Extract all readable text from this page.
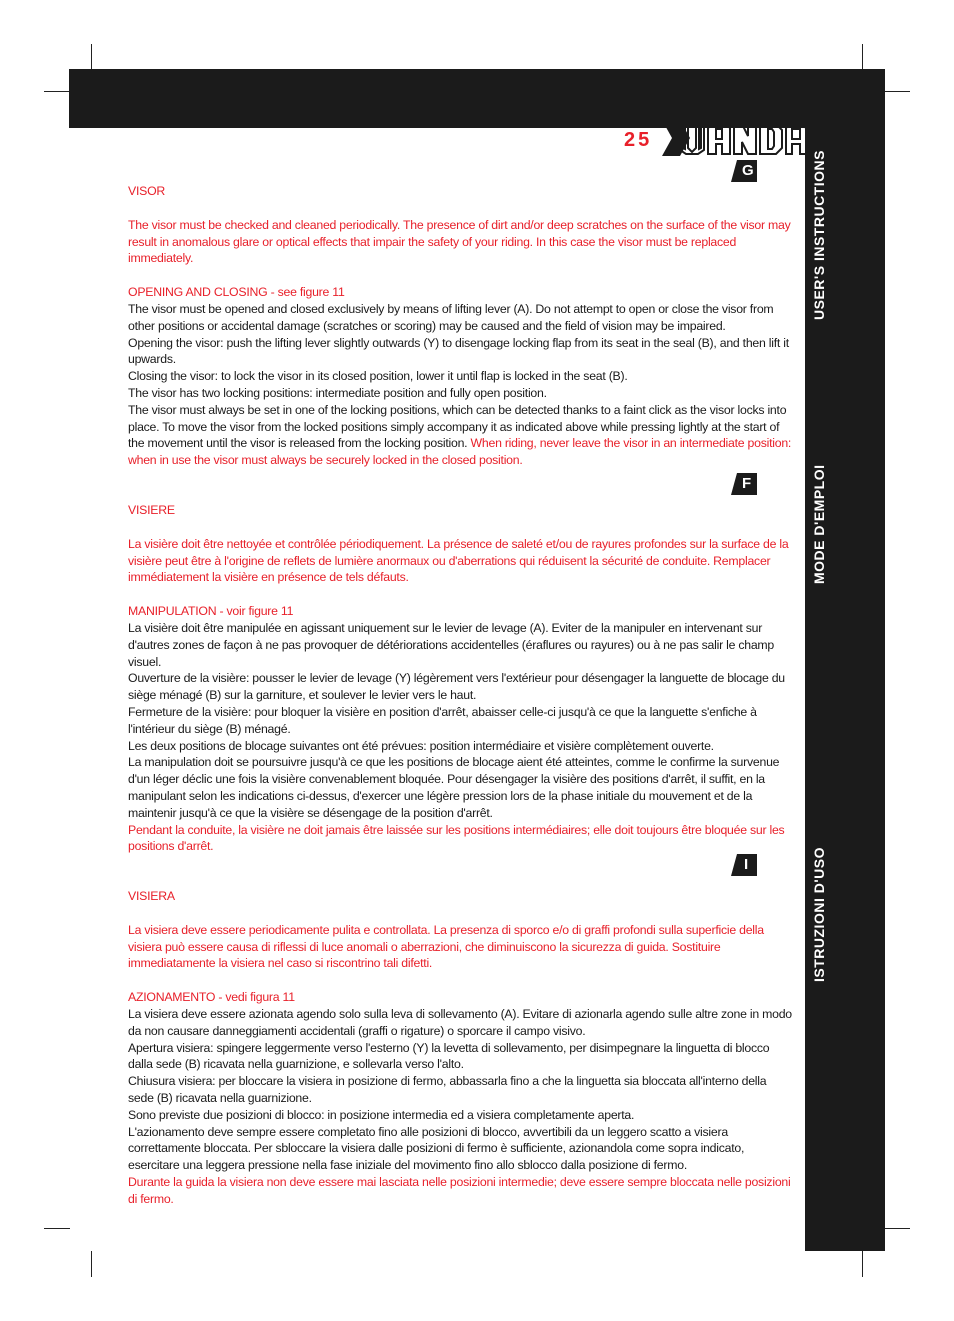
25
G
F
I
USER'S INSTRUCTIONS
MODE D'EMPLOI
ISTRUZIONI D'USO

VISOR

The visor must be checked and cleaned periodically. The presence of dirt and/or deep scratches on the surface of the visor may result in anomalous glare or optical effects that impair the safety of your riding. In this case the visor must be replaced immediately.

OPENING AND CLOSING - see figure 11

The visor must be opened and closed exclusively by means of lifting lever (A). Do not attempt to open or close the visor from other positions or accidental damage (scratches or scoring) may be caused and the field of vision may be impaired.

Opening the visor: push the lifting lever slightly outwards (Y) to disengage locking flap from its seat in the seal (B), and then lift it upwards.

Closing the visor: to lock the visor in its closed position, lower it until flap is locked in the seat (B).

The visor has two locking positions: intermediate position and fully open position.

The visor must always be set in one of the locking positions, which can be detected thanks to a faint click as the visor locks into place. To move the visor from the locked positions simply accompany it as indicated above while pressing lightly at the start of the movement until the visor is released from the locking position. When riding, never leave the visor in an intermediate position: when in use the visor must always be securely locked in the closed position.

VISIERE

La visière doit être nettoyée et contrôlée périodiquement. La présence de saleté et/ou de rayures profondes sur la surface de la visière peut être à l'origine de reflets de lumière anormaux ou d'aberrations qui réduisent la sécurité de conduite. Remplacer immédiatement la visière en présence de tels défauts.

MANIPULATION - voir figure 11

La visière doit être manipulée en agissant uniquement sur le levier de levage (A). Eviter de la manipuler en intervenant sur d'autres zones de façon à ne pas provoquer de détériorations accidentelles (éraflures ou rayures) ou à ne pas salir le champ visuel.

Ouverture de la visière: pousser le levier de levage (Y) légèrement vers l'extérieur pour désengager la languette de blocage du siège ménagé (B) sur la garniture, et soulever le levier vers le haut.

Fermeture de la visière: pour bloquer la visière en position d'arrêt, abaisser celle-ci jusqu'à ce que la languette s'enfiche à l'intérieur du siège (B) ménagé.

Les deux positions de blocage suivantes ont été prévues: position intermédiaire et visière complètement ouverte.

La manipulation doit se poursuivre jusqu'à ce que les positions de blocage aient été atteintes, comme le confirme la survenue d'un léger déclic une fois la visière convenablement bloquée. Pour désengager la visière des positions d'arrêt, il suffit, en la manipulant selon les indications ci-dessus, d'exercer une légère pression lors de la phase initiale du mouvement et de la maintenir jusqu'à ce que la visière se désengage de la position d'arrêt.

Pendant la conduite, la visière ne doit jamais être laissée sur les positions intermédiaires; elle doit toujours être bloquée sur les positions d'arrêt.

VISIERA

La visiera deve essere periodicamente pulita e controllata. La presenza di sporco e/o di graffi profondi sulla superficie della visiera può essere causa di riflessi di luce anomali o aberrazioni, che diminuiscono la sicurezza di guida. Sostituire immediatamente la visiera nel caso si riscontrino tali difetti.

AZIONAMENTO - vedi figura 11

La visiera deve essere azionata agendo solo sulla leva di sollevamento (A). Evitare di azionarla agendo sulle altre zone in modo da non causare danneggiamenti accidentali (graffi o rigature) o sporcare il campo visivo.

Apertura visiera: spingere leggermente verso l'esterno (Y) la levetta di sollevamento, per disimpegnare la linguetta di blocco dalla sede (B) ricavata nella guarnizione, e sollevarla verso l'alto.

Chiusura visiera: per bloccare la visiera in posizione di fermo, abbassarla fino a che la linguetta sia bloccata all'interno della sede (B) ricavata nella guarnizione.

Sono previste due posizioni di blocco: in posizione intermedia ed a visiera completamente aperta.

L'azionamento deve sempre essere completato fino alle posizioni di blocco, avvertibili da un leggero scatto a visiera correttamente bloccata. Per sbloccare la visiera dalle posizioni di fermo è sufficiente, azionandola come sopra indicato, esercitare una leggera pressione nella fase iniziale del movimento fino allo sblocco dalla posizione di fermo.

Durante la guida la visiera non deve essere mai lasciata nelle posizioni intermedie; deve essere sempre bloccata nelle posizioni di fermo.
